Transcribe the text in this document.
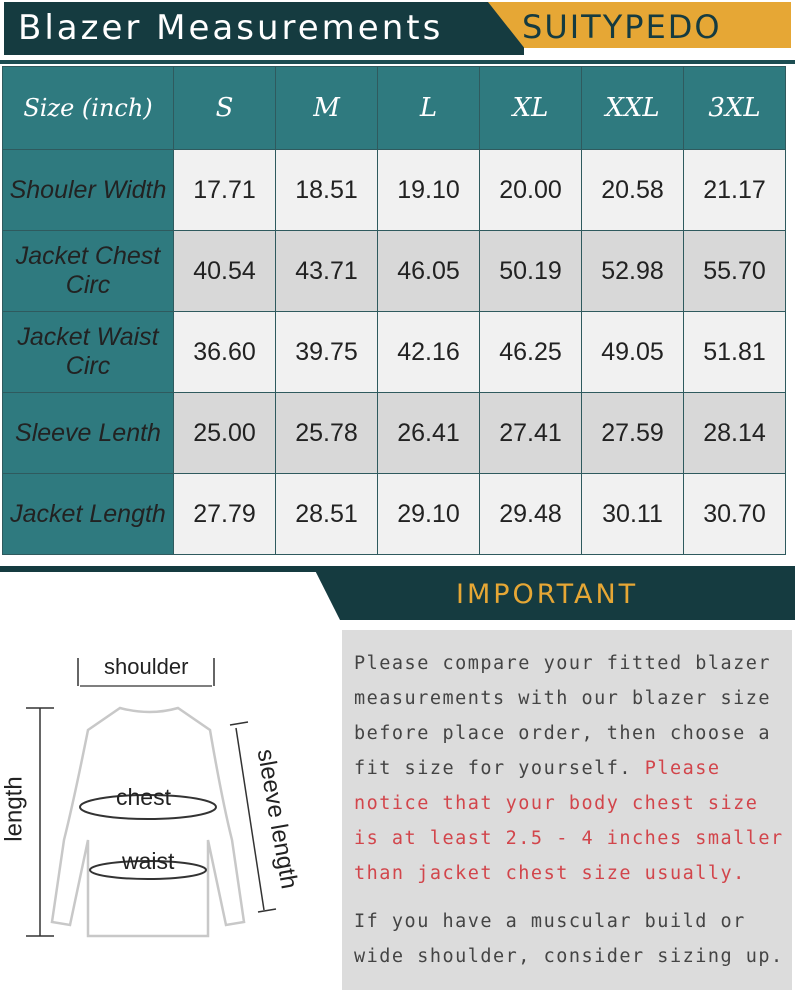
Blazer Measurements SUITYPEDO
Size (inch)	S	M	L	XL	XXL	3XL
Shouler Width	17.71	18.51	19.10	20.00	20.58	21.17
Jacket Chest Circ	40.54	43.71	46.05	50.19	52.98	55.70
Jacket Waist Circ	36.60	39.75	42.16	46.25	49.05	51.81
Sleeve Lenth	25.00	25.78	26.41	27.41	27.59	28.14
Jacket Length	27.79	28.51	29.10	29.48	30.11	30.70
IMPORTANT
shoulder
chest
waist
length	sleeve length

Please compare your fitted blazer measurements with our blazer size before place order, then choose a fit size for yourself. Please notice that your body chest size is at least 2.5 - 4 inches smaller than jacket chest size usually.

If you have a muscular build or wide shoulder, consider sizing up.
